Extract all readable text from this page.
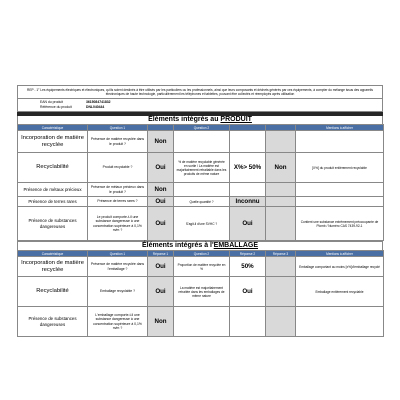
REP - 1° Les équipements électriques et électroniques, qu'ils soient destinés à être utilisés par les particuliers ou les professionnels, ainsi que leurs composants et déchets générés par ces équipements, à compter du mélange issus des appareils électroniques de haute technologie, particulièrement les téléphones et tablettes, pouvant être collectés et réemployés après utilisation
EAN du produit	3615084741832
Référence du produit	DNL040444
Éléments intégrés au PRODUIT
Caractéristique	Question 1		Question 2			Mentions à afficher
Incorporation de matière recyclée	Présence de matière recyclée dans le produit ?	Non				
Recyclabilité	Produit recyclable ?	Oui	% de matière recyclable générée en sortie / La matière est majoritairement retraitable dans les produits de même nature	X%> 50%	Non	[X%] du produit entièrement recyclable
Présence de métaux précieux	Présence de métaux précieux dans le produit ?	Non				
Présence de terres rares	Présence de terres rares ?	Oui	Quelle quantité ?	Inconnu		
Présence de substances dangereuses	Le produit comporte-t-il une substance dangereuse à une concentration supérieure à 0,1% m/m ?	Oui	S'agit-il d'une SVHC ?	Oui		Contient une substance extrêmement préoccupante de Plomb / Numéro CAS 7439-92-1
Éléments intégrés à l'EMBALLAGE
Caractéristique	Question 1	Réponse 1	Question 2	Réponse 2	Réponse 3	Mentions à afficher
Incorporation de matière recyclée	Présence de matière recyclée dans l'emballage ?	Oui	Proportion de matière recyclée en %	50%		Emballage comportant au moins [x%]d'emballage recyclé
Recyclabilité	Emballage recyclable ?	Oui	La matière est majoritairement retraitée dans les emballages de même nature	Oui		Emballage entièrement recyclable
Présence de substances dangereuses	L'emballage comporte-t-il une substance dangereuse à une concentration supérieure à 0,1% m/m ?	Non				
